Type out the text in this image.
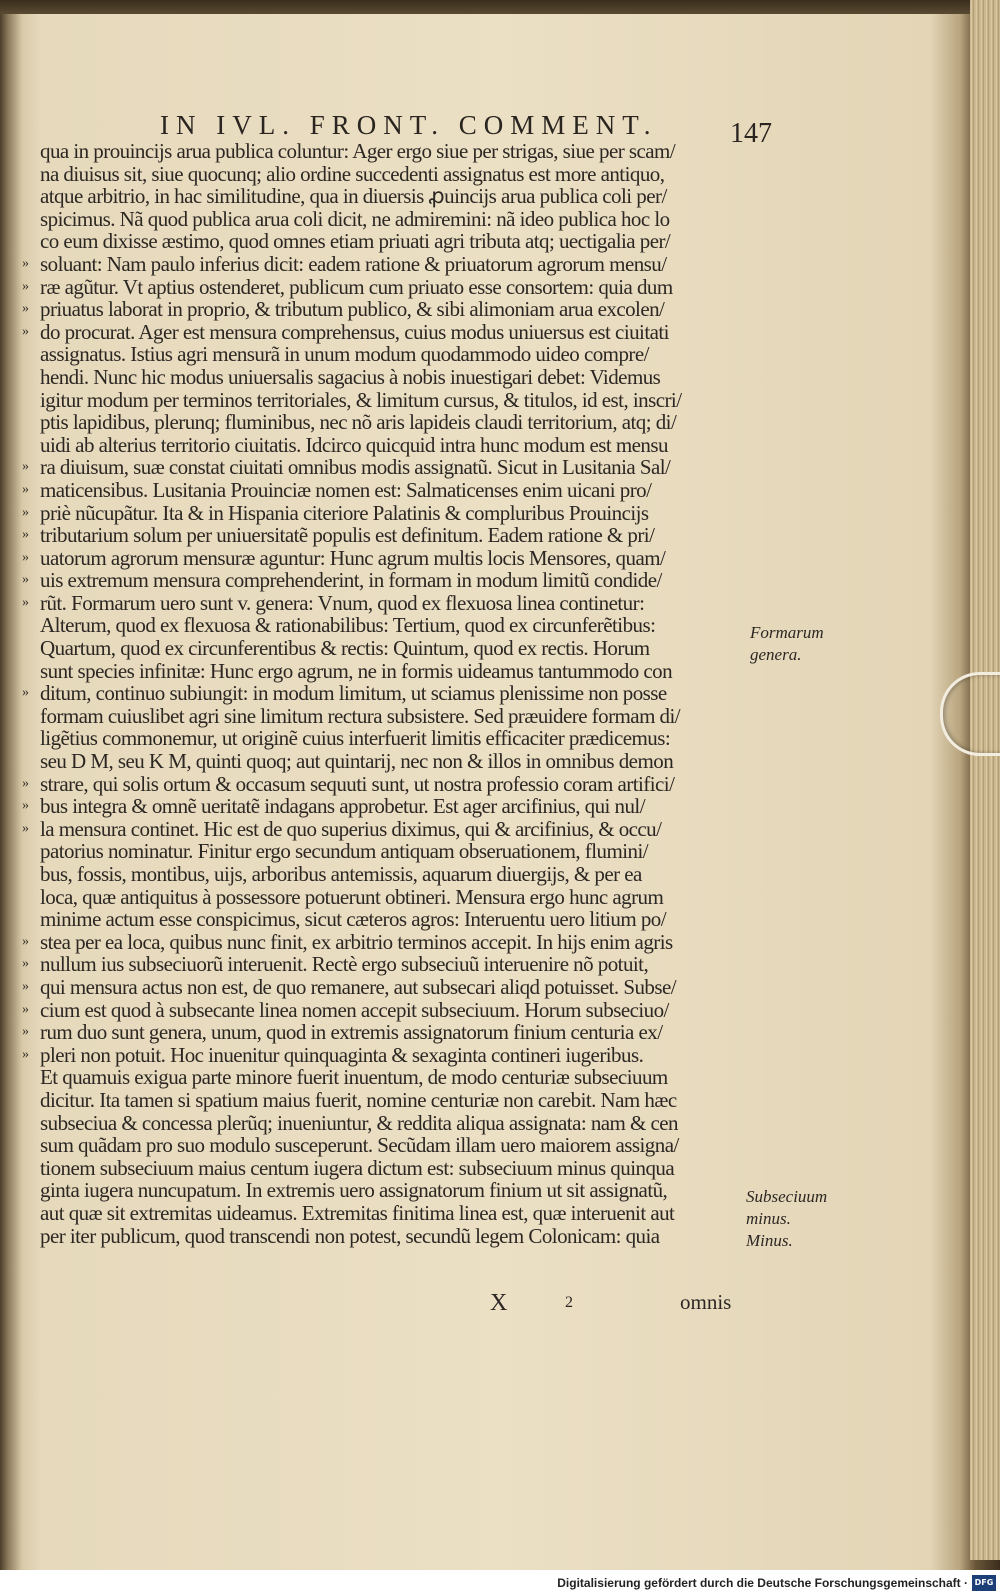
IN IVL. FRONT. COMMENT.	147
qua in prouincijs arua publica coluntur: Ager ergo siue per strigas, siue per scam/
na diuisus sit, siue quocunq; alio ordine succedenti assignatus est more antiquo,
atque arbitrio, in hac similitudine, qua in diuersis ꝓuincijs arua publica coli per/
spicimus. Nã quod publica arua coli dicit, ne admiremini: nã ideo publica hoc lo
co eum dixisse æstimo, quod omnes etiam priuati agri tributa atq; uectigalia per/
» soluant: Nam paulo inferius dicit: eadem ratione & priuatorum agrorum mensu/
» ræ agũtur. Vt aptius ostenderet, publicum cum priuato esse consortem: quia dum
» priuatus laborat in proprio, & tributum publico, & sibi alimoniam arua excolen/
» do procurat. Ager est mensura comprehensus, cuius modus uniuersus est ciuitati
assignatus. Istius agri mensurã in unum modum quodammodo uideo compre/
hendi. Nunc hic modus uniuersalis sagacius à nobis inuestigari debet: Videmus
igitur modum per terminos territoriales, & limitum cursus, & titulos, id est, inscri/
ptis lapidibus, plerunq; fluminibus, nec nõ aris lapideis claudi territorium, atq; di/
uidi ab alterius territorio ciuitatis. Idcirco quicquid intra hunc modum est mensu
» ra diuisum, suæ constat ciuitati omnibus modis assignatũ. Sicut in Lusitania Sal/
» maticensibus. Lusitania Prouinciæ nomen est: Salmaticenses enim uicani pro/
» priè nũcupãtur. Ita & in Hispania citeriore Palatinis & compluribus Prouincijs
» tributarium solum per uniuersitatẽ populis est definitum. Eadem ratione & pri/
» uatorum agrorum mensuræ aguntur: Hunc agrum multis locis Mensores, quam/
» uis extremum mensura comprehenderint, in formam in modum limitũ condide/
» rũt. Formarum uero sunt v. genera: Vnum, quod ex flexuosa linea continetur:
Alterum, quod ex flexuosa & rationabilibus: Tertium, quod ex circunferẽtibus:
Quartum, quod ex circunferentibus & rectis: Quintum, quod ex rectis. Horum
sunt species infinitæ: Hunc ergo agrum, ne in formis uideamus tantummodo con
» ditum, continuo subiungit: in modum limitum, ut sciamus plenissime non posse
formam cuiuslibet agri sine limitum rectura subsistere. Sed præuidere formam di/
ligẽtius commonemur, ut originẽ cuius interfuerit limitis efficaciter prædicemus:
seu D M, seu K M, quinti quoq; aut quintarij, nec non & illos in omnibus demon
» strare, qui solis ortum & occasum sequuti sunt, ut nostra professio coram artifici/
» bus integra & omnẽ ueritatẽ indagans approbetur. Est ager arcifinius, qui nul/
» la mensura continet. Hic est de quo superius diximus, qui & arcifinius, & occu/
patorius nominatur. Finitur ergo secundum antiquam obseruationem, flumini/
bus, fossis, montibus, uijs, arboribus antemissis, aquarum diuergijs, & per ea
loca, quæ antiquitus à possessore potuerunt obtineri. Mensura ergo hunc agrum
minime actum esse conspicimus, sicut cæteros agros: Interuentu uero litium po/
» stea per ea loca, quibus nunc finit, ex arbitrio terminos accepit. In hijs enim agris
» nullum ius subseciuorũ interuenit. Rectè ergo subseciuũ interuenire nõ potuit,
» qui mensura actus non est, de quo remanere, aut subsecari aliqd potuisset. Subse/
» cium est quod à subsecante linea nomen accepit subseciuum. Horum subseciuo/
» rum duo sunt genera, unum, quod in extremis assignatorum finium centuria ex/
» pleri non potuit. Hoc inuenitur quinquaginta & sexaginta contineri iugeribus.
Et quamuis exigua parte minore fuerit inuentum, de modo centuriæ subseciuum
dicitur. Ita tamen si spatium maius fuerit, nomine centuriæ non carebit. Nam hæc
subseciua & concessa plerũq; inueniuntur, & reddita aliqua assignata: nam & cen
sum quãdam pro suo modulo susceperunt. Secũdam illam uero maiorem assigna/
tionem subseciuum maius centum iugera dictum est: subseciuum minus quinqua
ginta iugera nuncupatum. In extremis uero assignatorum finium ut sit assignatũ,
aut quæ sit extremitas uideamus. Extremitas finitima linea est, quæ interuenit aut
per iter publicum, quod transcendi non potest, secundũ legem Colonicam: quia
Formarum
genera.
Subseciuum
minus.
Minus.
X	2	omnis
Digitalisierung gefördert durch die Deutsche Forschungsgemeinschaft · DFG
